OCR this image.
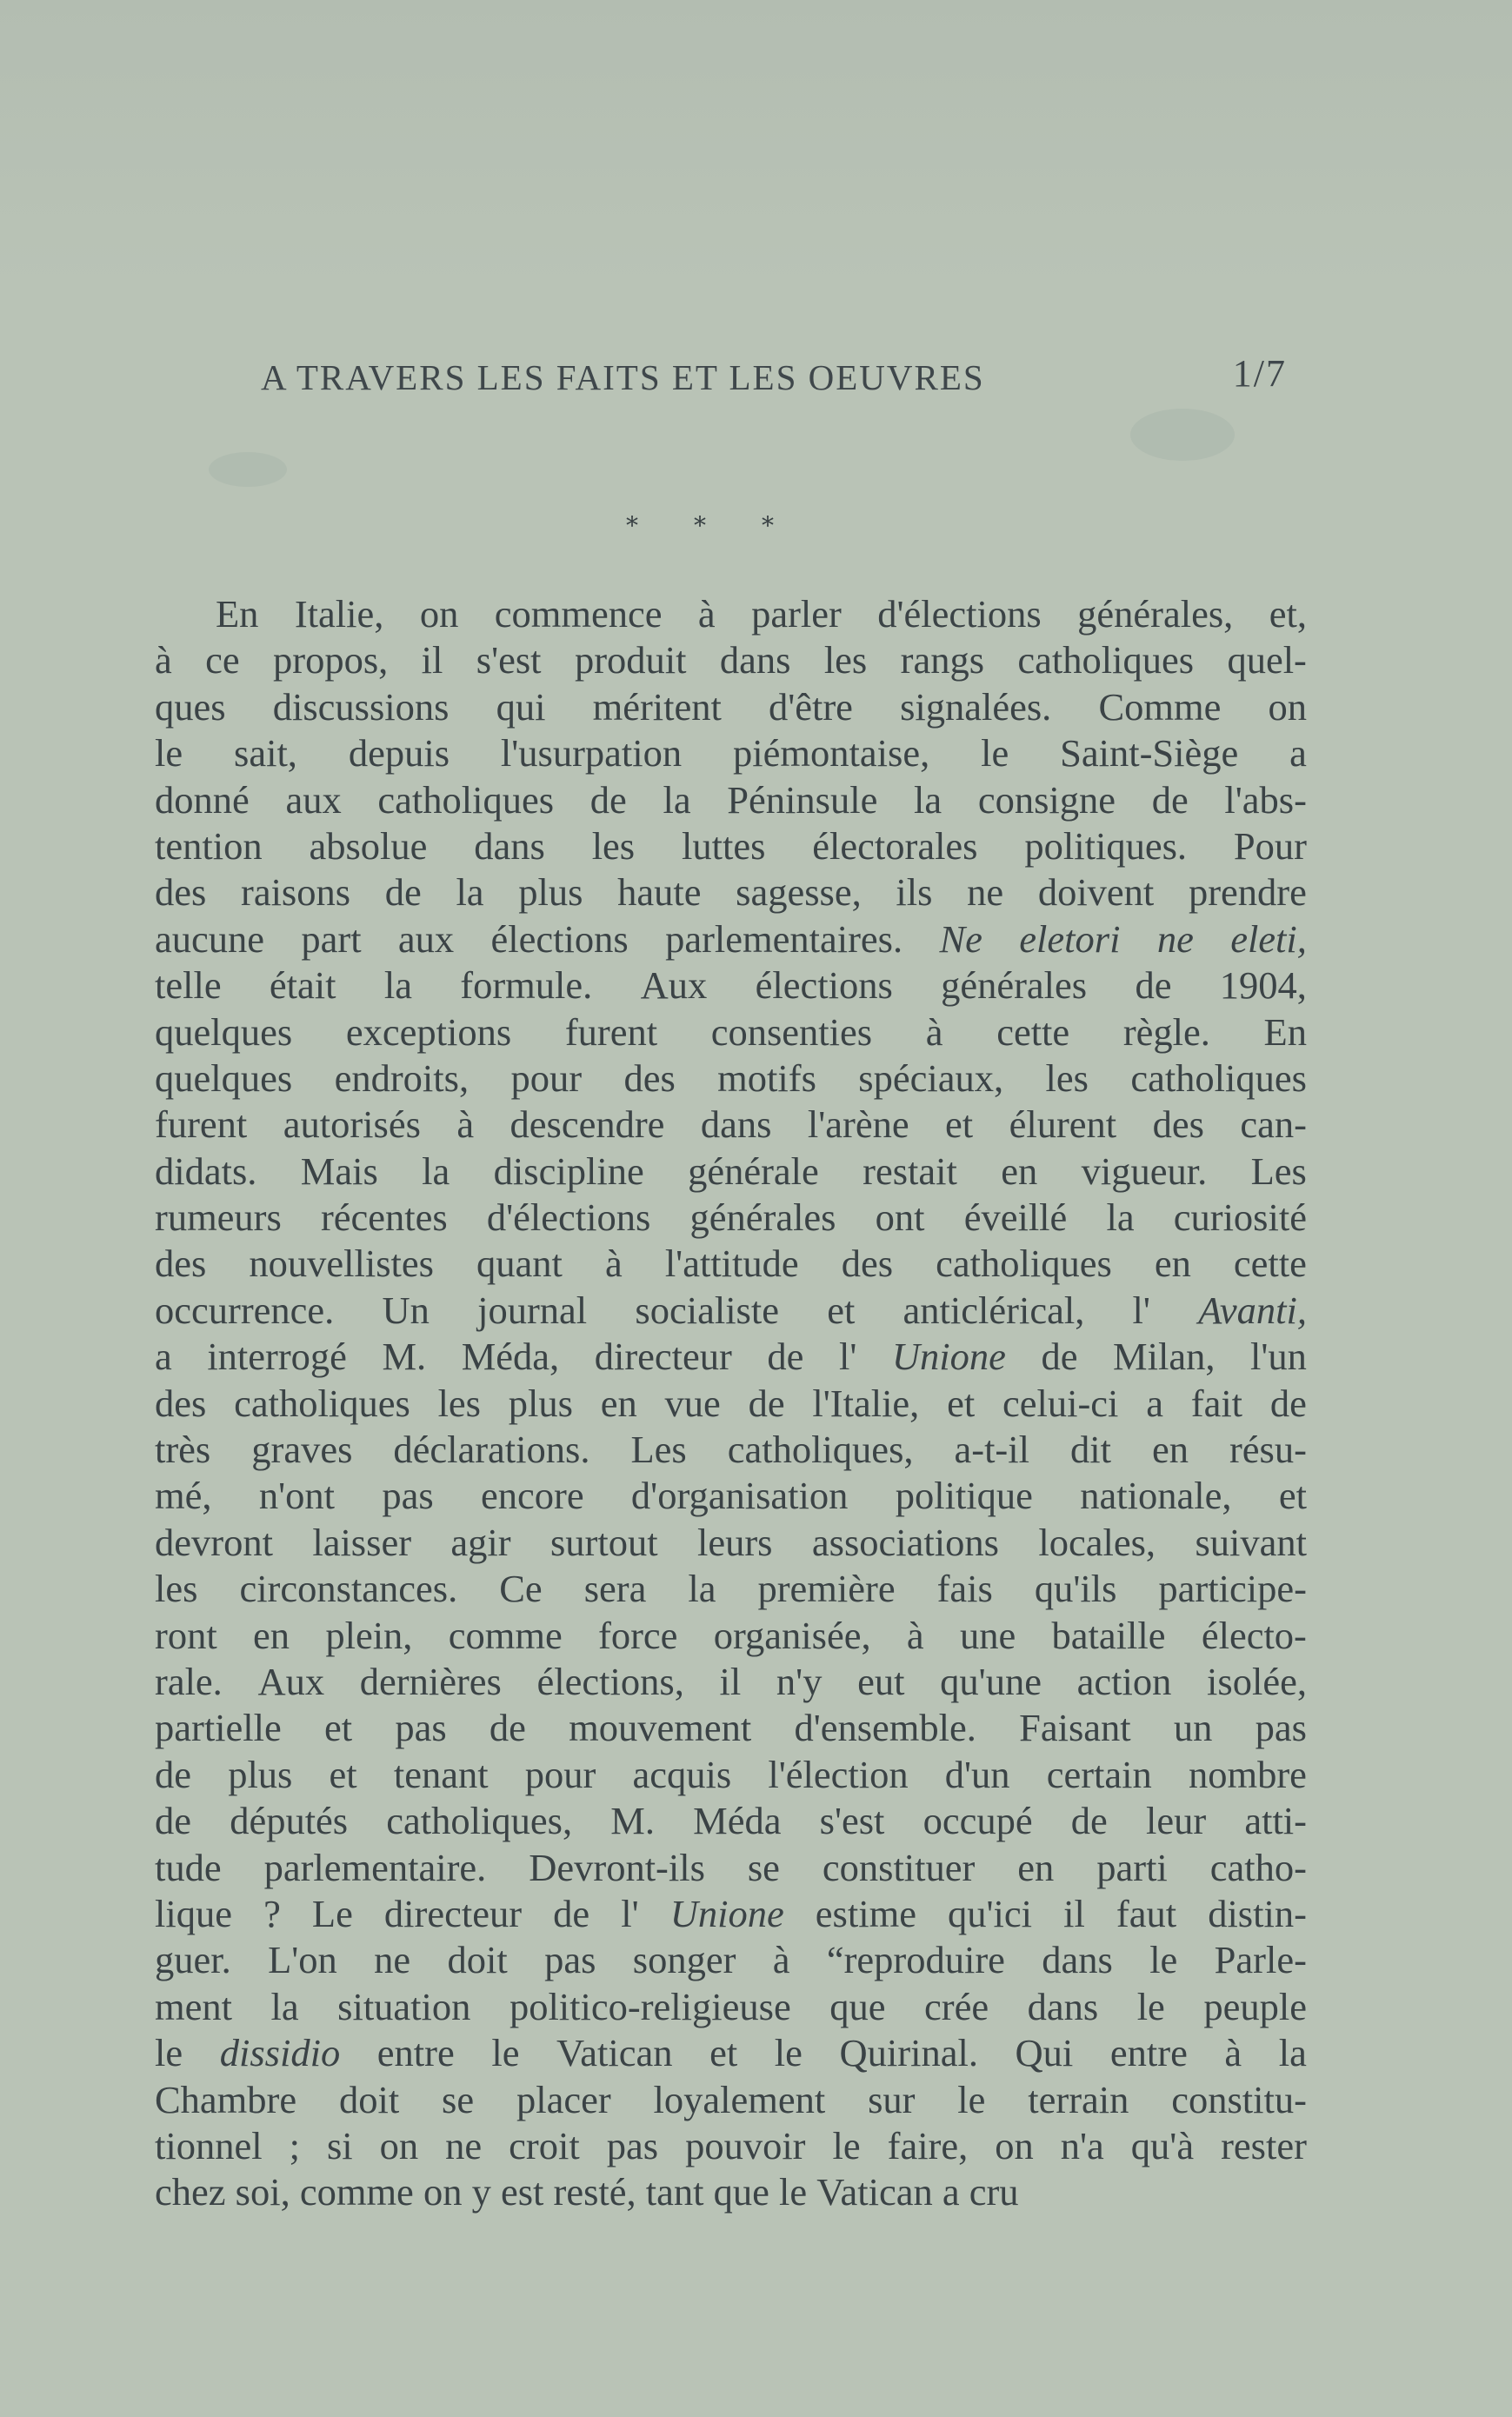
A TRAVERS LES FAITS ET LES OEUVRES	1/7
* * *
En Italie, on commence à parler d'élections générales, et,
à ce propos, il s'est produit dans les rangs catholiques quel-
ques discussions qui méritent d'être signalées. Comme on
le sait, depuis l'usurpation piémontaise, le Saint-Siège a
donné aux catholiques de la Péninsule la consigne de l'abs-
tention absolue dans les luttes électorales politiques. Pour
des raisons de la plus haute sagesse, ils ne doivent prendre
aucune part aux élections parlementaires. Ne eletori ne eleti,
telle était la formule. Aux élections générales de 1904,
quelques exceptions furent consenties à cette règle. En
quelques endroits, pour des motifs spéciaux, les catholiques
furent autorisés à descendre dans l'arène et élurent des can-
didats. Mais la discipline générale restait en vigueur. Les
rumeurs récentes d'élections générales ont éveillé la curiosité
des nouvellistes quant à l'attitude des catholiques en cette
occurrence. Un journal socialiste et anticlérical, l' Avanti,
a interrogé M. Méda, directeur de l' Unione de Milan, l'un
des catholiques les plus en vue de l'Italie, et celui-ci a fait de
très graves déclarations. Les catholiques, a-t-il dit en résu-
mé, n'ont pas encore d'organisation politique nationale, et
devront laisser agir surtout leurs associations locales, suivant
les circonstances. Ce sera la première fais qu'ils participe-
ront en plein, comme force organisée, à une bataille électo-
rale. Aux dernières élections, il n'y eut qu'une action isolée,
partielle et pas de mouvement d'ensemble. Faisant un pas
de plus et tenant pour acquis l'élection d'un certain nombre
de députés catholiques, M. Méda s'est occupé de leur atti-
tude parlementaire. Devront-ils se constituer en parti catho-
lique ? Le directeur de l' Unione estime qu'ici il faut distin-
guer. L'on ne doit pas songer à “reproduire dans le Parle-
ment la situation politico-religieuse que crée dans le peuple
le dissidio entre le Vatican et le Quirinal. Qui entre à la
Chambre doit se placer loyalement sur le terrain constitu-
tionnel ; si on ne croit pas pouvoir le faire, on n'a qu'à rester
chez soi, comme on y est resté, tant que le Vatican a cru
